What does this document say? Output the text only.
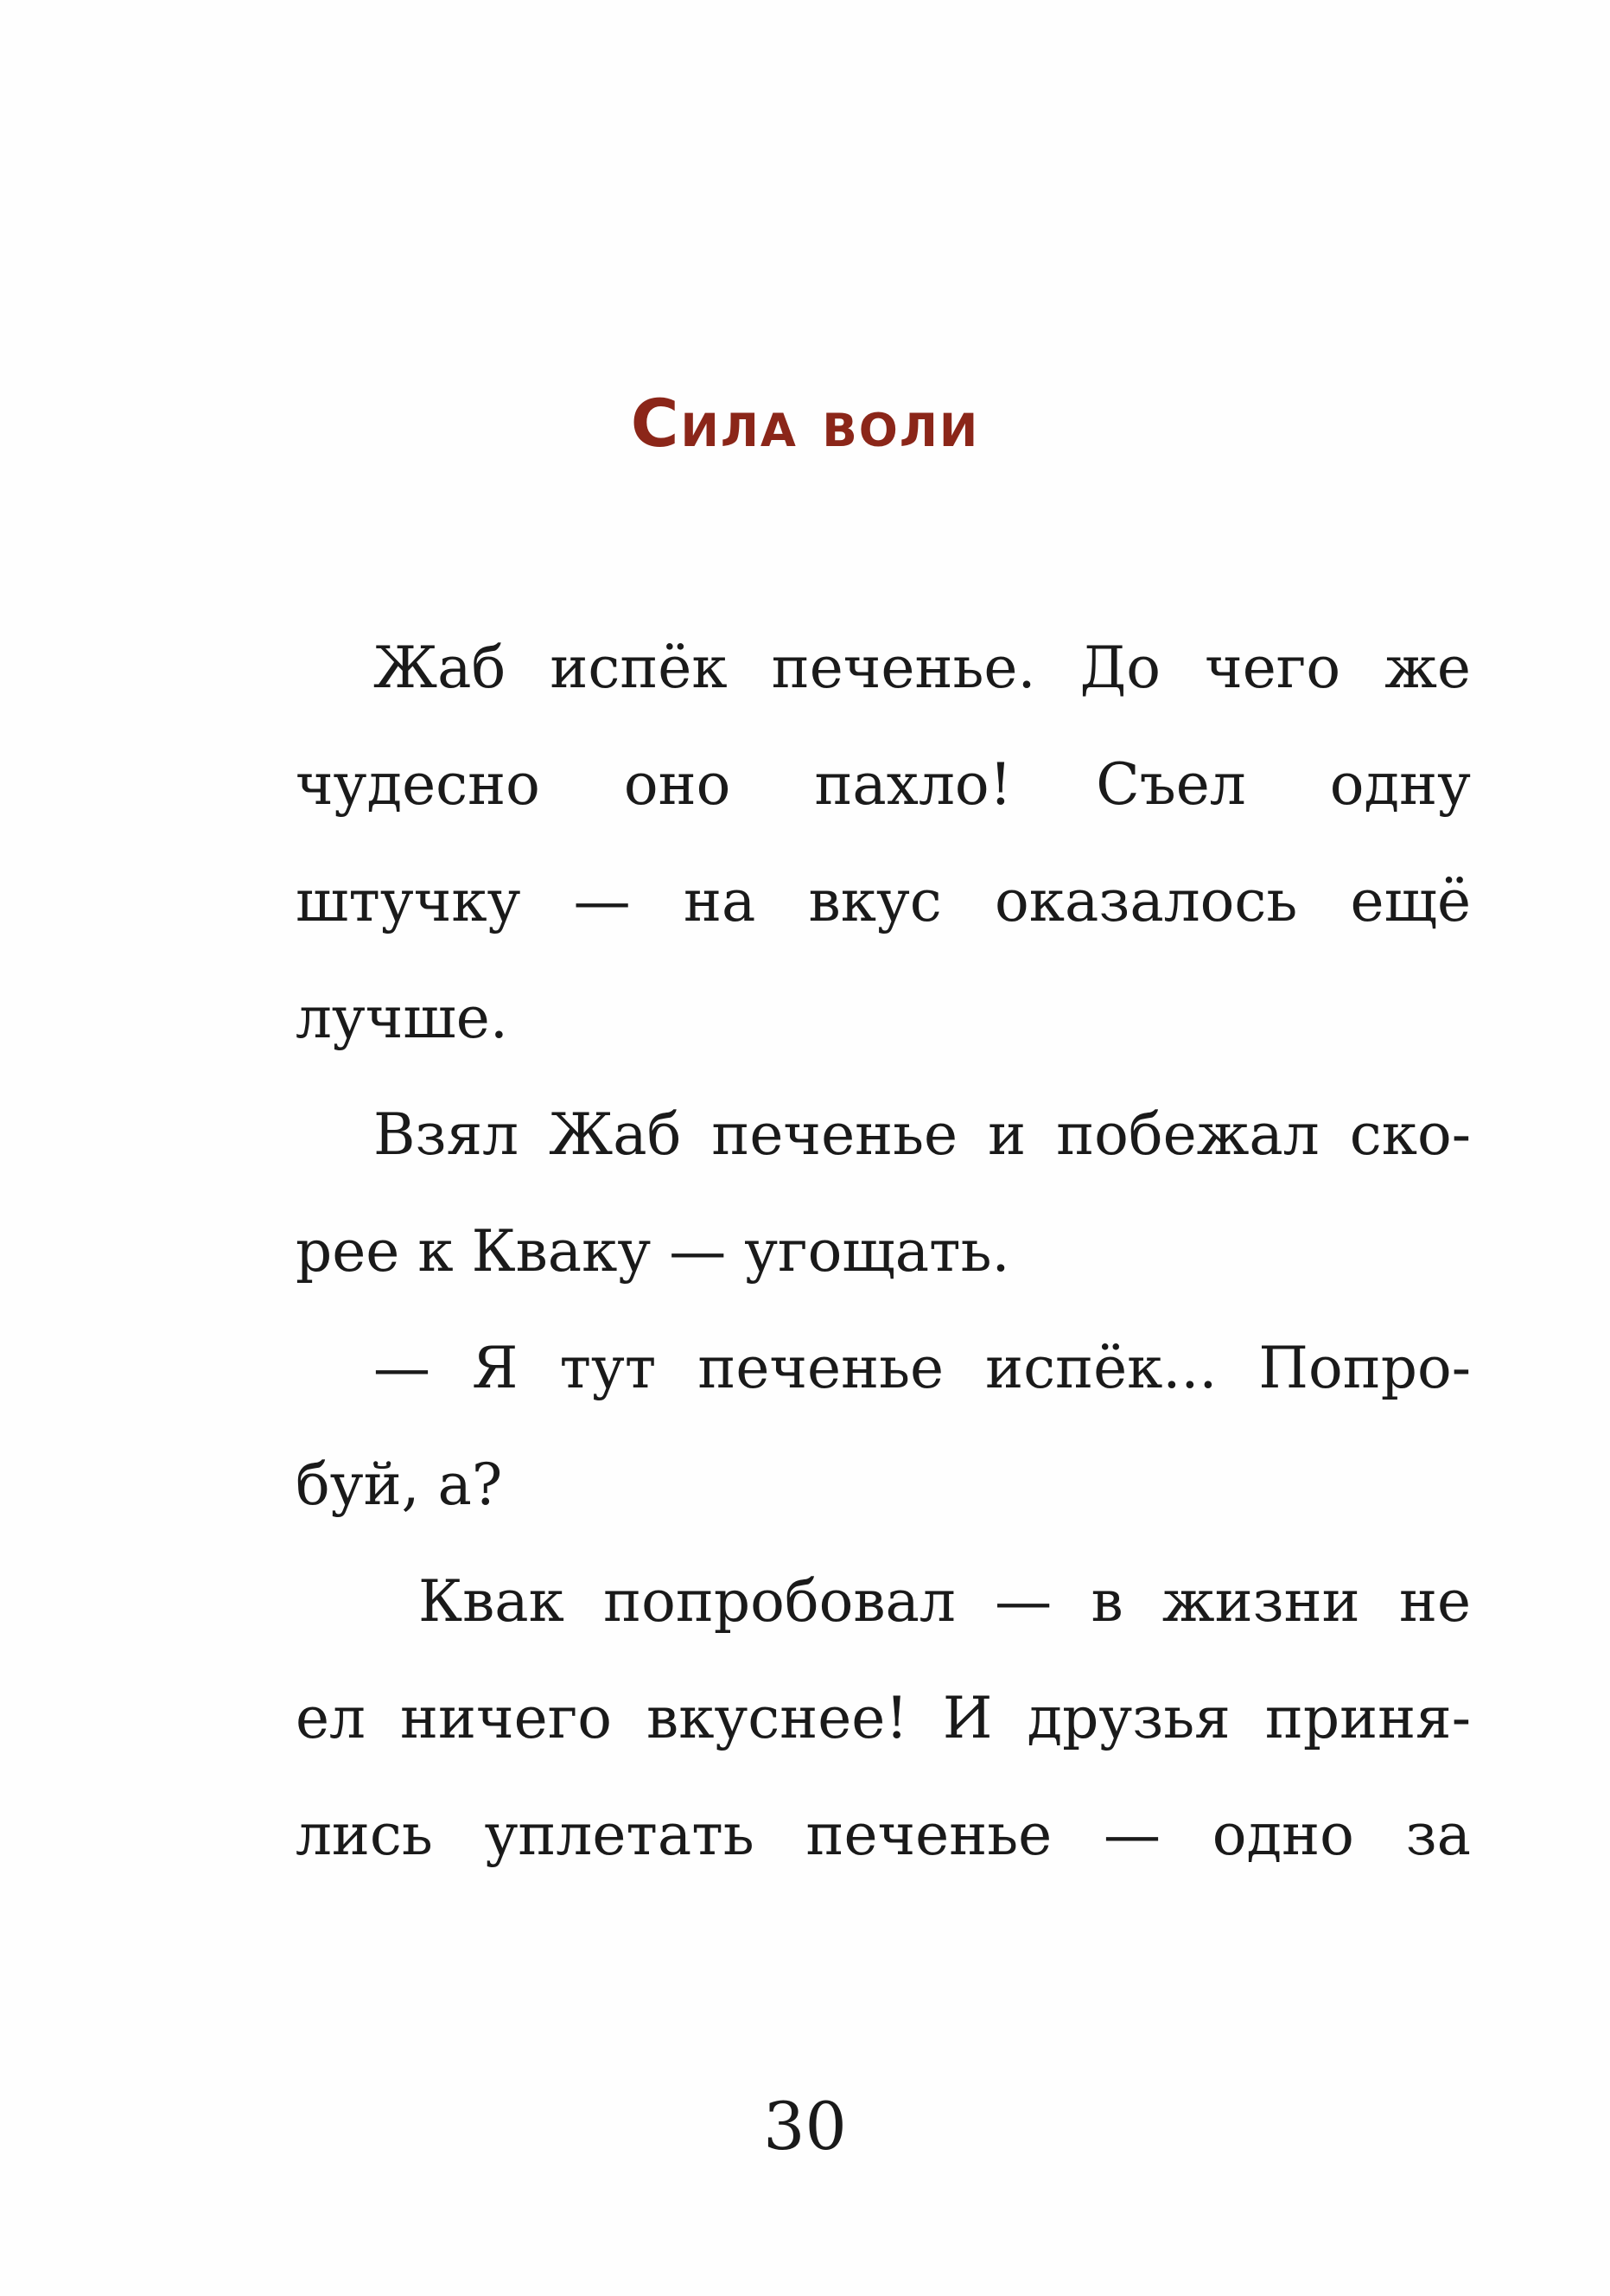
Сила воли
Жаб испёк печенье. До чего же
чудесно оно пахло! Съел одну
штучку — на вкус оказалось ещё
лучше.
Взял Жаб печенье и побежал ско-
рее к Кваку — угощать.
— Я тут печенье испёк... Попро-
буй, а?
Квак попробовал — в жизни не
ел ничего вкуснее! И друзья приня-
лись уплетать печенье — одно за
30
